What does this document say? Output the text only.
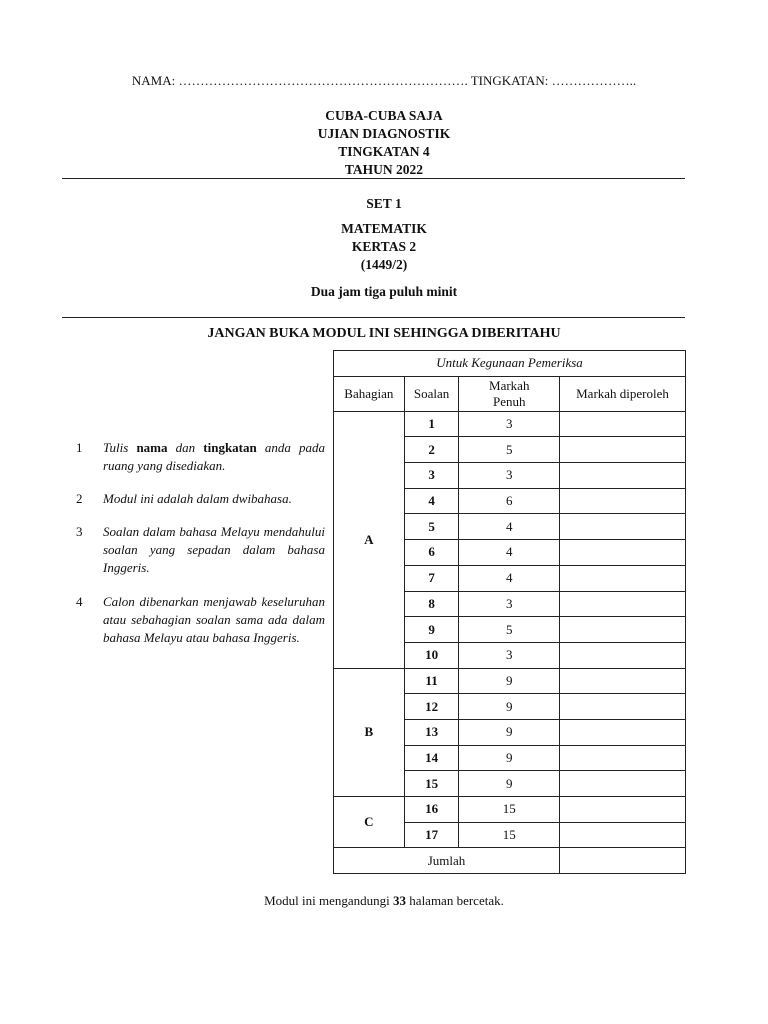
NAMA: …………………………………………………………. TINGKATAN: ………………..
CUBA-CUBA SAJA
UJIAN DIAGNOSTIK
TINGKATAN 4
TAHUN 2022
SET 1
MATEMATIK
KERTAS 2
(1449/2)
Dua jam tiga puluh minit
JANGAN BUKA MODUL INI SEHINGGA DIBERITAHU
1 Tulis nama dan tingkatan anda pada ruang yang disediakan.
2 Modul ini adalah dalam dwibahasa.
3 Soalan dalam bahasa Melayu mendahului soalan yang sepadan dalam bahasa Inggeris.
4 Calon dibenarkan menjawab keseluruhan atau sebahagian soalan sama ada dalam bahasa Melayu atau bahasa Inggeris.
Untuk Kegunaan Pemeriksa			
Bahagian	Soalan	Markah Penuh	Markah diperoleh
A	1	3	
	2	5	
	3	3	
	4	6	
	5	4	
	6	4	
	7	4	
	8	3	
	9	5	
	10	3	
B	11	9	
	12	9	
	13	9	
	14	9	
	15	9	
C	16	15	
	17	15	
Jumlah			
Modul ini mengandungi 33 halaman bercetak.
